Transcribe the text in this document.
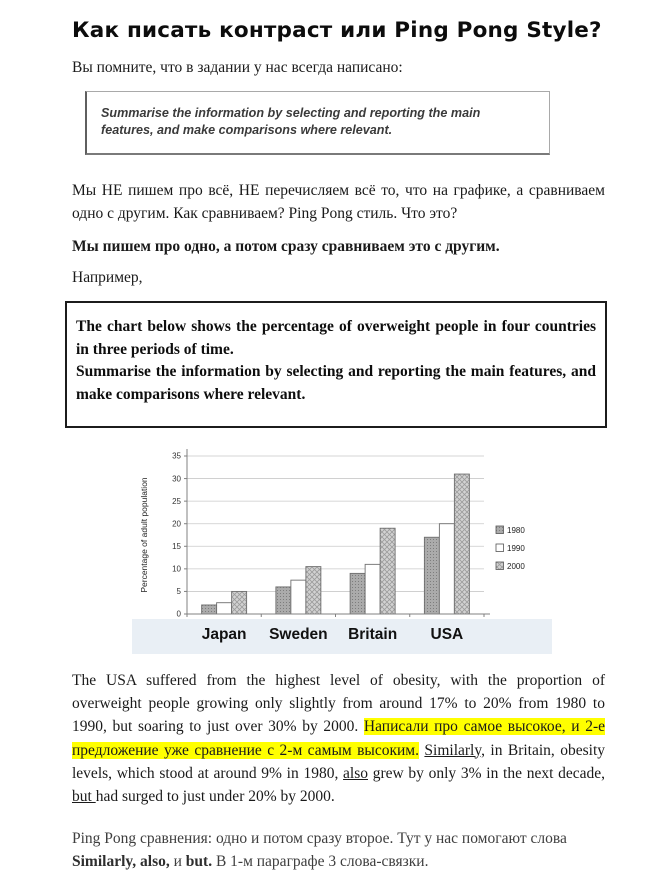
Как писать контраст или Ping Pong Style?

Вы помните, что в задании у нас всегда написано:

Summarise the information by selecting and reporting the main features, and make comparisons where relevant.

Мы НЕ пишем про всё, НЕ перечисляем всё то, что на графике, а сравниваем одно с другим. Как сравниваем? Ping Pong стиль. Что это?

Мы пишем про одно, а потом сразу сравниваем это с другим.

Например,

The chart below shows the percentage of overweight people in four countries in three periods of time.

Summarise the information by selecting and reporting the main features, and make comparisons where relevant.

0
5
10
15
20
25
30
35
Japan Sweden Britain USA
Percentage of adult population	1980
1990
2000

The USA suffered from the highest level of obesity, with the proportion of overweight people growing only slightly from around 17% to 20% from 1980 to 1990, but soaring to just over 30% by 2000. Написали про самое высокое, и 2-е предложение уже сравнение с 2-м самым высоким. Similarly, in Britain, obesity levels, which stood at around 9% in 1980, also grew by only 3% in the next decade, but had surged to just under 20% by 2000.

Ping Pong сравнения: одно и потом сразу второе. Тут у нас помогают слова Similarly, also, и but. В 1-м параграфе 3 слова-связки.
